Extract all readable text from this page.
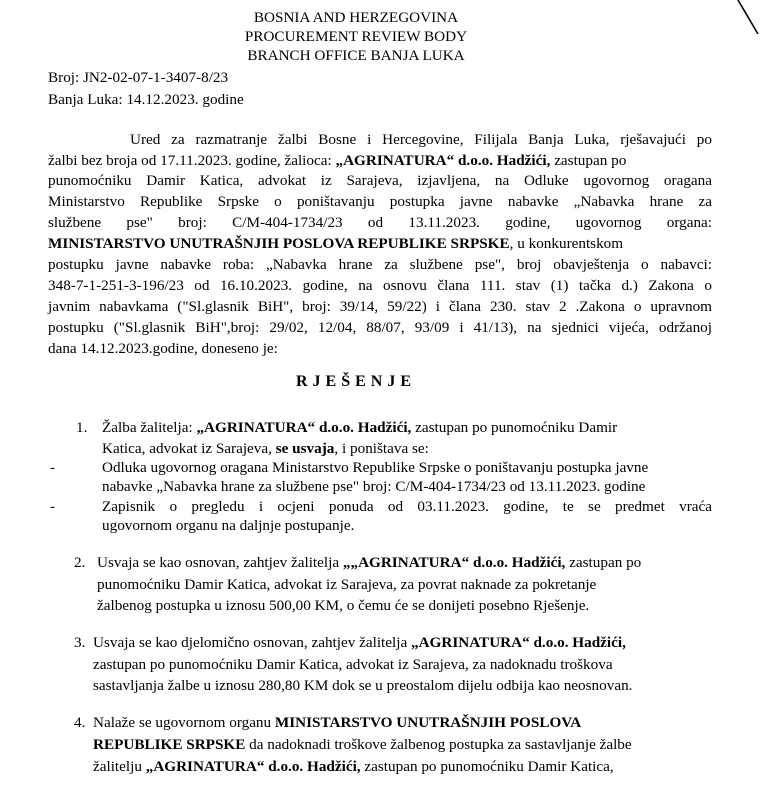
BOSNIA AND HERZEGOVINA
PROCUREMENT REVIEW BODY
BRANCH OFFICE BANJA LUKA
Broj: JN2-02-07-1-3407-8/23
Banja Luka: 14.12.2023. godine
Ured za razmatranje žalbi Bosne i Hercegovine, Filijala Banja Luka, rješavajući po
žalbi bez broja od 17.11.2023. godine, žalioca: „AGRINATURA“ d.o.o. Hadžići, zastupan po
punomoćniku Damir Katica, advokat iz Sarajeva, izjavljena, na Odluke ugovornog oragana
Ministarstvo Republike Srpske o poništavanju postupka javne nabavke „Nabavka hrane za
službene pse" broj: C/M-404-1734/23 od 13.11.2023. godine, ugovornog organa:
MINISTARSTVO UNUTRAŠNJIH POSLOVA REPUBLIKE SRPSKE, u konkurentskom
postupku javne nabavke roba: „Nabavka hrane za službene pse", broj obavještenja o nabavci:
348-7-1-251-3-196/23 od 16.10.2023. godine, na osnovu člana 111. stav (1) tačka d.) Zakona o
javnim nabavkama ("Sl.glasnik BiH", broj: 39/14, 59/22) i člana 230. stav 2 .Zakona o upravnom
postupku ("Sl.glasnik BiH",broj: 29/02, 12/04, 88/07, 93/09 i 41/13), na sjednici vijeća, održanoj
dana 14.12.2023.godine, doneseno je:
RJEŠENJE
1. Žalba žalitelja: „AGRINATURA“ d.o.o. Hadžići, zastupan po punomoćniku Damir
Katica, advokat iz Sarajeva, se usvaja, i poništava se:
-	Odluka ugovornog oragana Ministarstvo Republike Srpske o poništavanju postupka javne
nabavke „Nabavka hrane za službene pse" broj: C/M-404-1734/23 od 13.11.2023. godine
-	Zapisnik o pregledu i ocjeni ponuda od 03.11.2023. godine, te se predmet vraća
ugovornom organu na daljnje postupanje.
2. Usvaja se kao osnovan, zahtjev žalitelja „„AGRINATURA“ d.o.o. Hadžići, zastupan po
punomoćniku Damir Katica, advokat iz Sarajeva, za povrat naknade za pokretanje
žalbenog postupka u iznosu 500,00 KM, o čemu će se donijeti posebno Rješenje.
3. Usvaja se kao djelomično osnovan, zahtjev žalitelja „AGRINATURA“ d.o.o. Hadžići,
zastupan po punomoćniku Damir Katica, advokat iz Sarajeva, za nadoknadu troškova
sastavljanja žalbe u iznosu 280,80 KM dok se u preostalom dijelu odbija kao neosnovan.
4. Nalaže se ugovornom organu MINISTARSTVO UNUTRAŠNJIH POSLOVA
REPUBLIKE SRPSKE da nadoknadi troškove žalbenog postupka za sastavljanje žalbe
žalitelju „AGRINATURA“ d.o.o. Hadžići, zastupan po punomoćniku Damir Katica,
